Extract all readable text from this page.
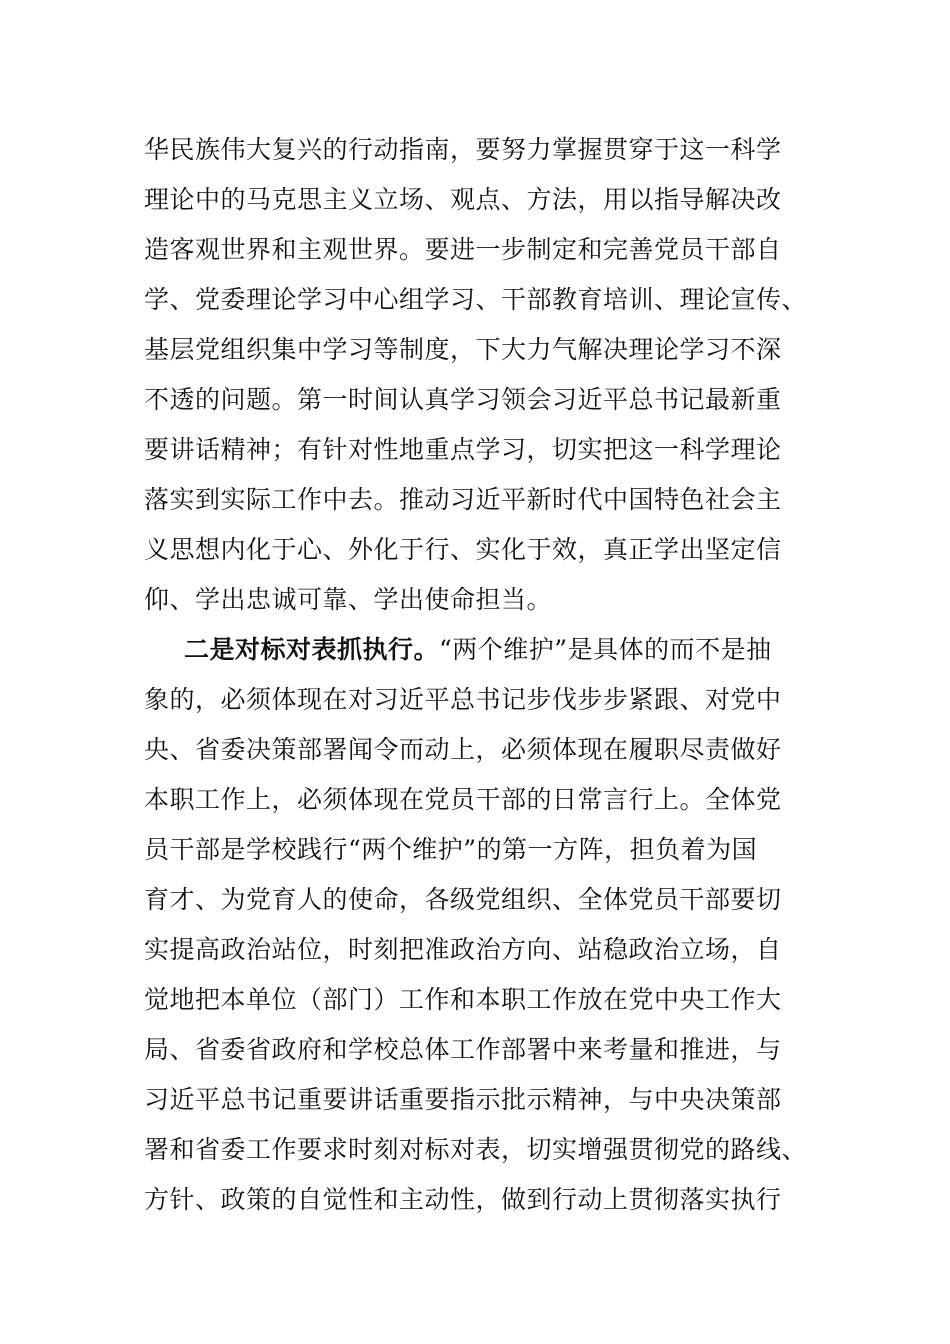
华民族伟大复兴的行动指南，要努力掌握贯穿于这一科学
理论中的马克思主义立场、观点、方法，用以指导解决改
造客观世界和主观世界。要进一步制定和完善党员干部自
学、党委理论学习中心组学习、干部教育培训、理论宣传、
基层党组织集中学习等制度，下大力气解决理论学习不深
不透的问题。第一时间认真学习领会习近平总书记最新重
要讲话精神；有针对性地重点学习，切实把这一科学理论
落实到实际工作中去。推动习近平新时代中国特色社会主
义思想内化于心、外化于行、实化于效，真正学出坚定信
仰、学出忠诚可靠、学出使命担当。
二是对标对表抓执行。“两个维护”是具体的而不是抽
象的，必须体现在对习近平总书记步伐步步紧跟、对党中
央、省委决策部署闻令而动上，必须体现在履职尽责做好
本职工作上，必须体现在党员干部的日常言行上。全体党
员干部是学校践行“两个维护”的第一方阵，担负着为国
育才、为党育人的使命，各级党组织、全体党员干部要切
实提高政治站位，时刻把准政治方向、站稳政治立场，自
觉地把本单位（部门）工作和本职工作放在党中央工作大
局、省委省政府和学校总体工作部署中来考量和推进，与
习近平总书记重要讲话重要指示批示精神，与中央决策部
署和省委工作要求时刻对标对表，切实增强贯彻党的路线、
方针、政策的自觉性和主动性，做到行动上贯彻落实执行
